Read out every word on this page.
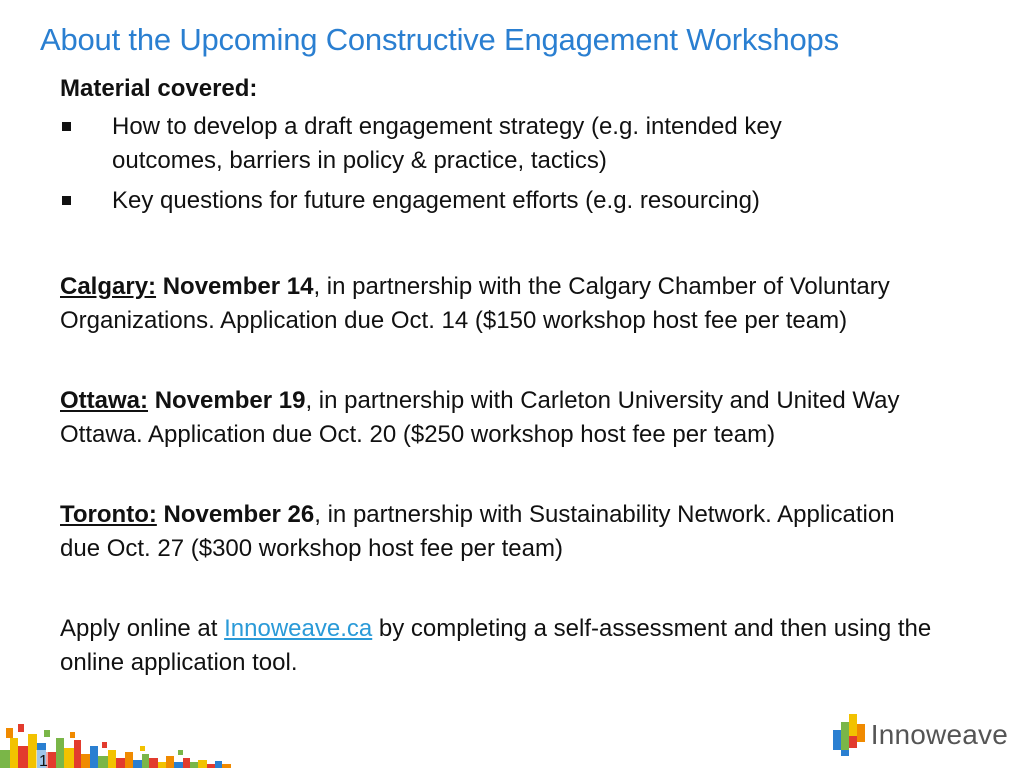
About the Upcoming Constructive Engagement Workshops
Material covered:
How to develop a draft engagement strategy (e.g. intended key outcomes, barriers in policy & practice, tactics)
Key questions for future engagement efforts (e.g. resourcing)
Calgary: November 14, in partnership with the Calgary Chamber of Voluntary Organizations. Application due Oct. 14 ($150 workshop host fee per team)
Ottawa: November 19, in partnership with Carleton University and United Way Ottawa. Application due Oct. 20 ($250 workshop host fee per team)
Toronto: November 26, in partnership with Sustainability Network. Application due Oct. 27 ($300 workshop host fee per team)
Apply online at Innoweave.ca by completing a self-assessment and then using the online application tool.
1
Innoweave
